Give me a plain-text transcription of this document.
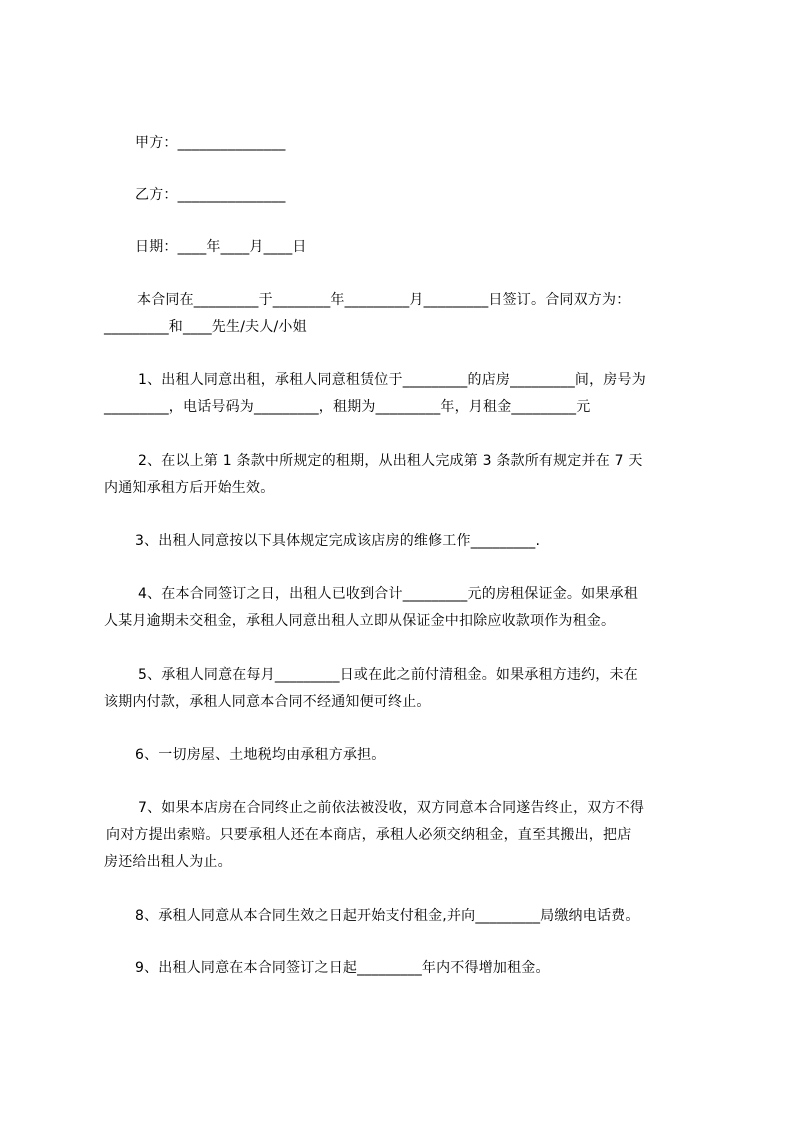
甲方：_______________
乙方：_______________
日期：____年____月____日
本合同在_________于________年_________月_________日签订。合同双方为：
_________和____先生/夫人/小姐
1、出租人同意出租，承租人同意租赁位于_________的店房_________间，房号为
_________，电话号码为_________，租期为_________年，月租金_________元
2、在以上第 1 条款中所规定的租期，从出租人完成第 3 条款所有规定并在 7 天
内通知承租方后开始生效。
3、出租人同意按以下具体规定完成该店房的维修工作_________.
4、在本合同签订之日，出租人已收到合计_________元的房租保证金。如果承租
人某月逾期未交租金，承租人同意出租人立即从保证金中扣除应收款项作为租金。
5、承租人同意在每月_________日或在此之前付清租金。如果承租方违约，未在
该期内付款，承租人同意本合同不经通知便可终止。
6、一切房屋、土地税均由承租方承担。
7、如果本店房在合同终止之前依法被没收，双方同意本合同遂告终止，双方不得
向对方提出索赔。只要承租人还在本商店，承租人必须交纳租金，直至其搬出，把店
房还给出租人为止。
8、承租人同意从本合同生效之日起开始支付租金,并向_________局缴纳电话费。
9、出租人同意在本合同签订之日起_________年内不得增加租金。
